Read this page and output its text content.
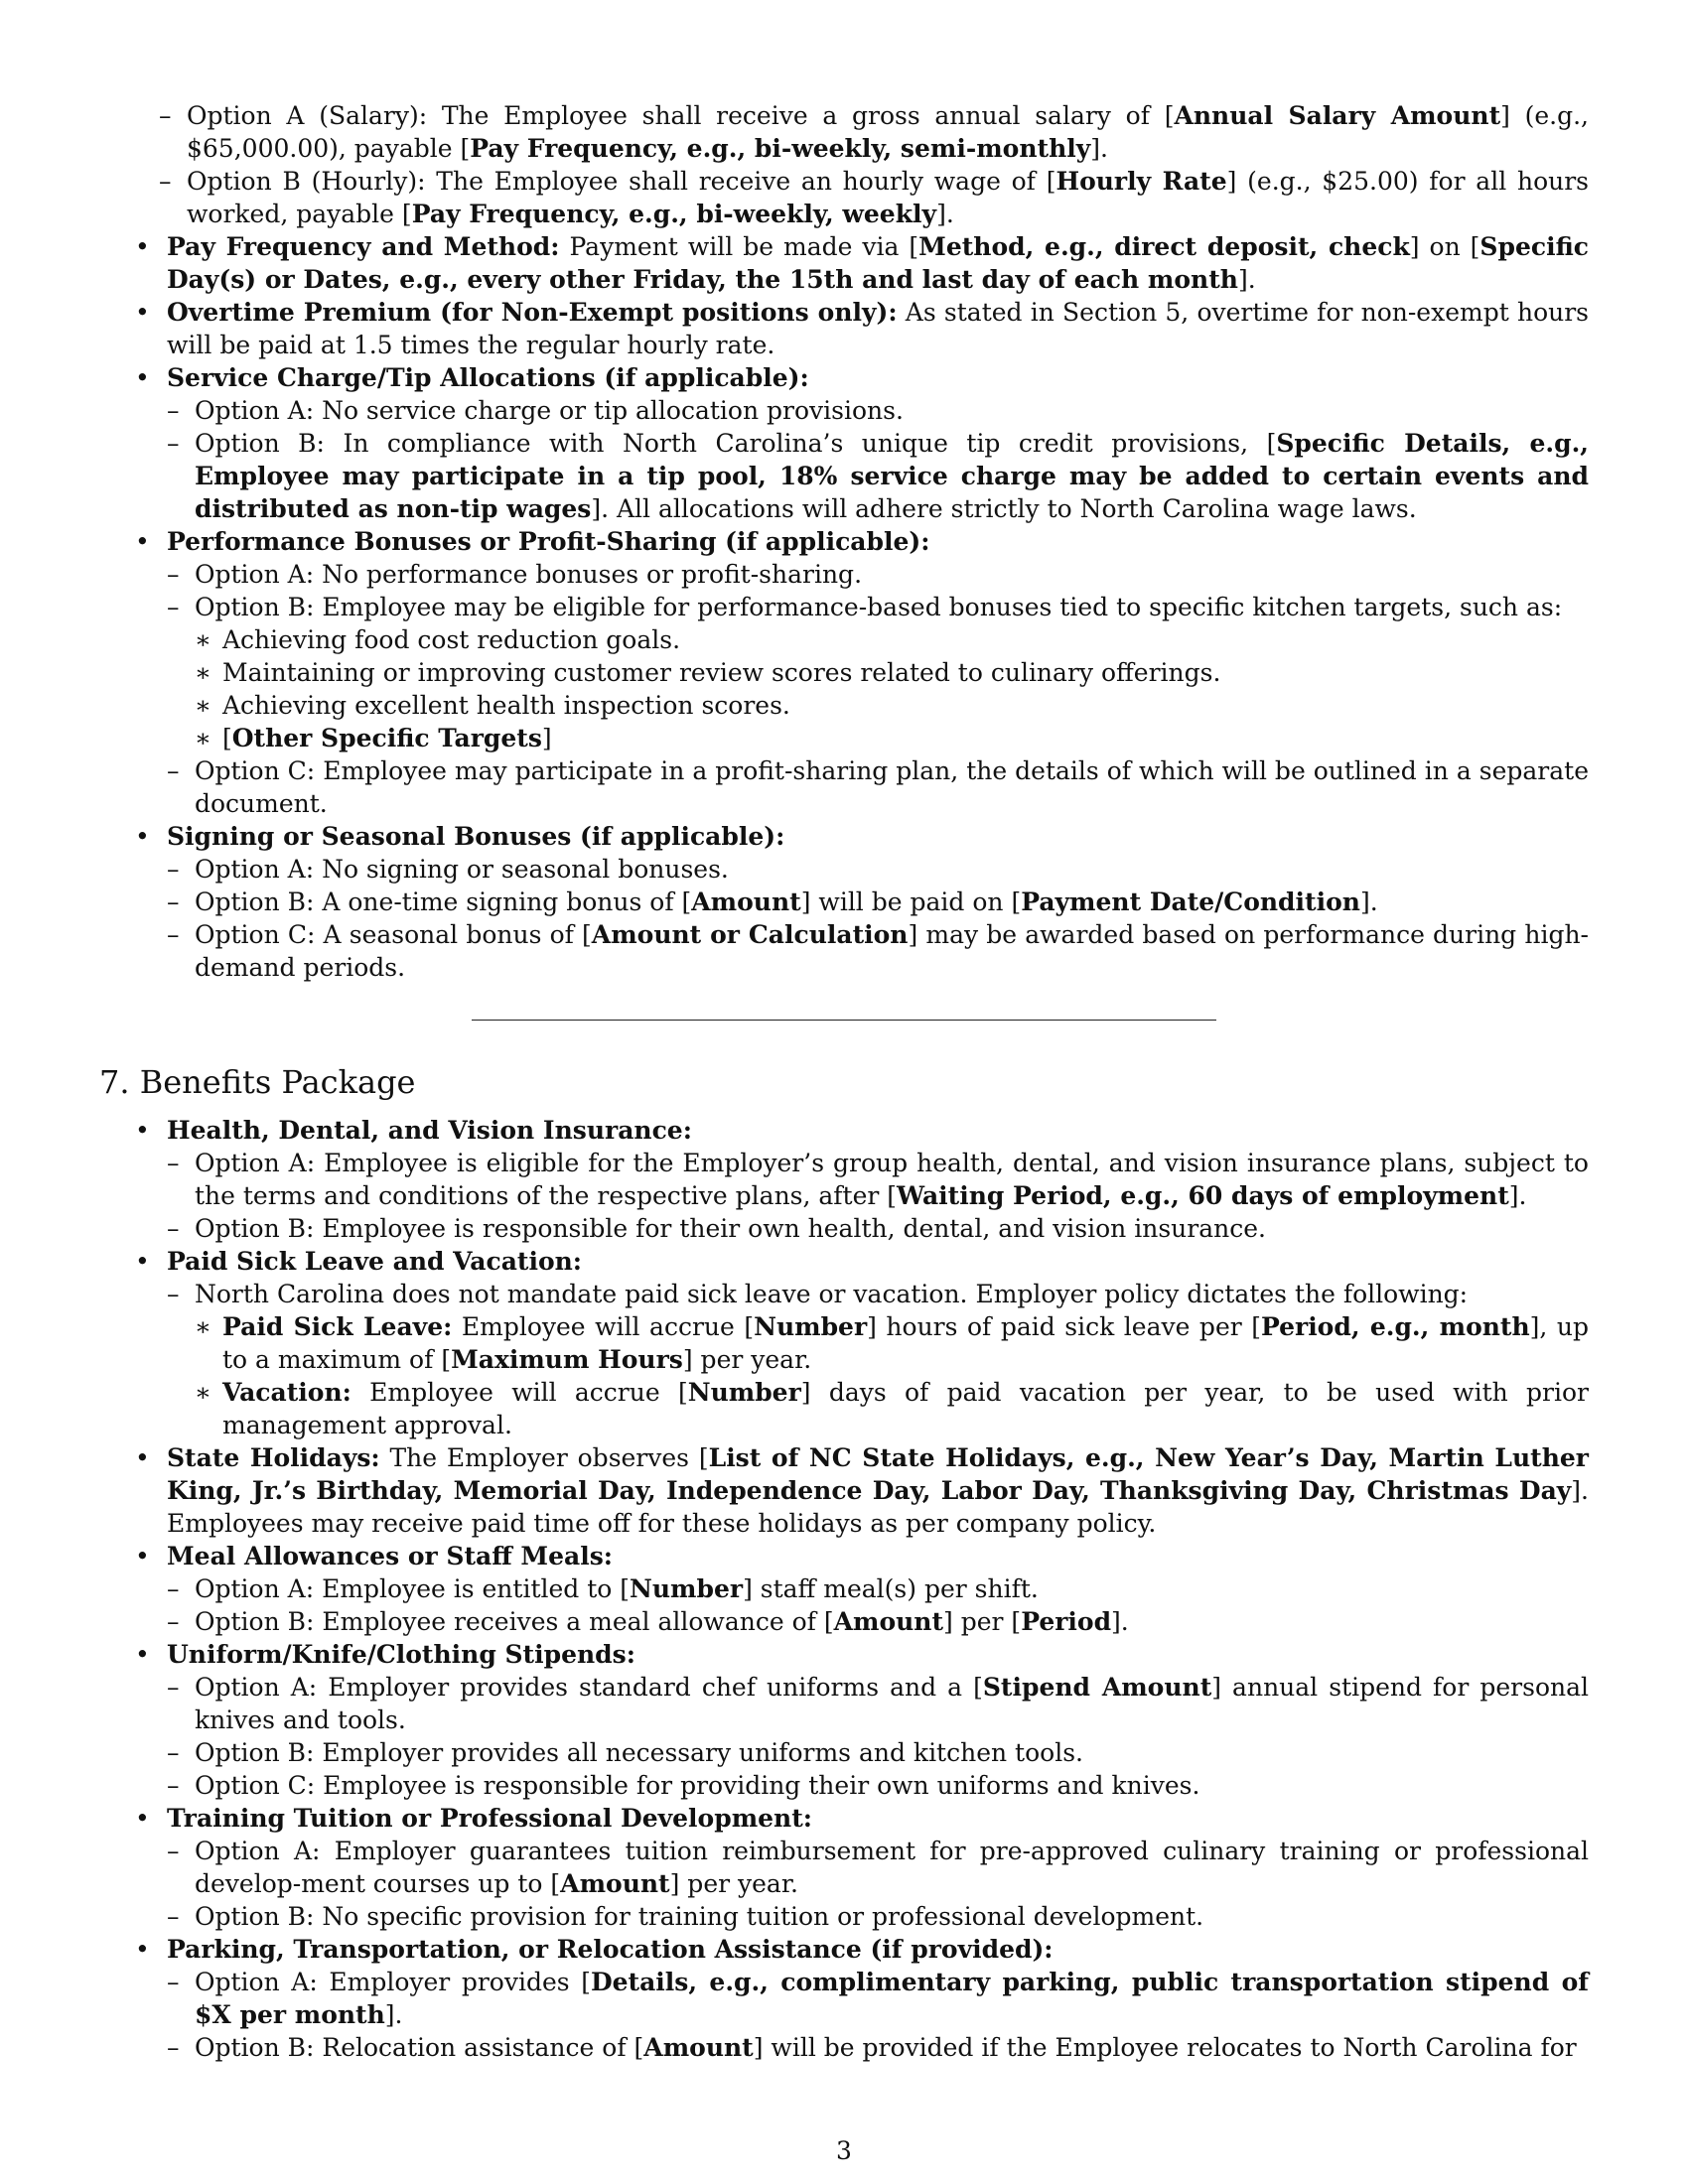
– Option A (Salary): The Employee shall receive a gross annual salary of [Annual Salary Amount] (e.g., $65,000.00), payable [Pay Frequency, e.g., bi-weekly, semi-monthly].
– Option B (Hourly): The Employee shall receive an hourly wage of [Hourly Rate] (e.g., $25.00) for all hours worked, payable [Pay Frequency, e.g., bi-weekly, weekly].
• Pay Frequency and Method: Payment will be made via [Method, e.g., direct deposit, check] on [Specific Day(s) or Dates, e.g., every other Friday, the 15th and last day of each month].
• Overtime Premium (for Non-Exempt positions only): As stated in Section 5, overtime for non-exempt hours will be paid at 1.5 times the regular hourly rate.
• Service Charge/Tip Allocations (if applicable):
– Option A: No service charge or tip allocation provisions.
– Option B: In compliance with North Carolina’s unique tip credit provisions, [Specific Details, e.g., Employee may participate in a tip pool, 18% service charge may be added to certain events and distributed as non-tip wages]. All allocations will adhere strictly to North Carolina wage laws.
• Performance Bonuses or Profit-Sharing (if applicable):
– Option A: No performance bonuses or profit-sharing.
– Option B: Employee may be eligible for performance-based bonuses tied to specific kitchen targets, such as:
∗ Achieving food cost reduction goals.
∗ Maintaining or improving customer review scores related to culinary offerings.
∗ Achieving excellent health inspection scores.
∗ [Other Specific Targets]
– Option C: Employee may participate in a profit-sharing plan, the details of which will be outlined in a separate document.
• Signing or Seasonal Bonuses (if applicable):
– Option A: No signing or seasonal bonuses.
– Option B: A one-time signing bonus of [Amount] will be paid on [Payment Date/Condition].
– Option C: A seasonal bonus of [Amount or Calculation] may be awarded based on performance during high-demand periods.
7. Benefits Package
• Health, Dental, and Vision Insurance:
– Option A: Employee is eligible for the Employer’s group health, dental, and vision insurance plans, subject to the terms and conditions of the respective plans, after [Waiting Period, e.g., 60 days of employment].
– Option B: Employee is responsible for their own health, dental, and vision insurance.
• Paid Sick Leave and Vacation:
– North Carolina does not mandate paid sick leave or vacation. Employer policy dictates the following:
∗ Paid Sick Leave: Employee will accrue [Number] hours of paid sick leave per [Period, e.g., month], up to a maximum of [Maximum Hours] per year.
∗ Vacation: Employee will accrue [Number] days of paid vacation per year, to be used with prior management approval.
• State Holidays: The Employer observes [List of NC State Holidays, e.g., New Year’s Day, Martin Luther King, Jr.’s Birthday, Memorial Day, Independence Day, Labor Day, Thanksgiving Day, Christmas Day]. Employees may receive paid time off for these holidays as per company policy.
• Meal Allowances or Staff Meals:
– Option A: Employee is entitled to [Number] staff meal(s) per shift.
– Option B: Employee receives a meal allowance of [Amount] per [Period].
• Uniform/Knife/Clothing Stipends:
– Option A: Employer provides standard chef uniforms and a [Stipend Amount] annual stipend for personal knives and tools.
– Option B: Employer provides all necessary uniforms and kitchen tools.
– Option C: Employee is responsible for providing their own uniforms and knives.
• Training Tuition or Professional Development:
– Option A: Employer guarantees tuition reimbursement for pre-approved culinary training or professional develop-ment courses up to [Amount] per year.
– Option B: No specific provision for training tuition or professional development.
• Parking, Transportation, or Relocation Assistance (if provided):
– Option A: Employer provides [Details, e.g., complimentary parking, public transportation stipend of $X per month].
– Option B: Relocation assistance of [Amount] will be provided if the Employee relocates to North Carolina for
3
